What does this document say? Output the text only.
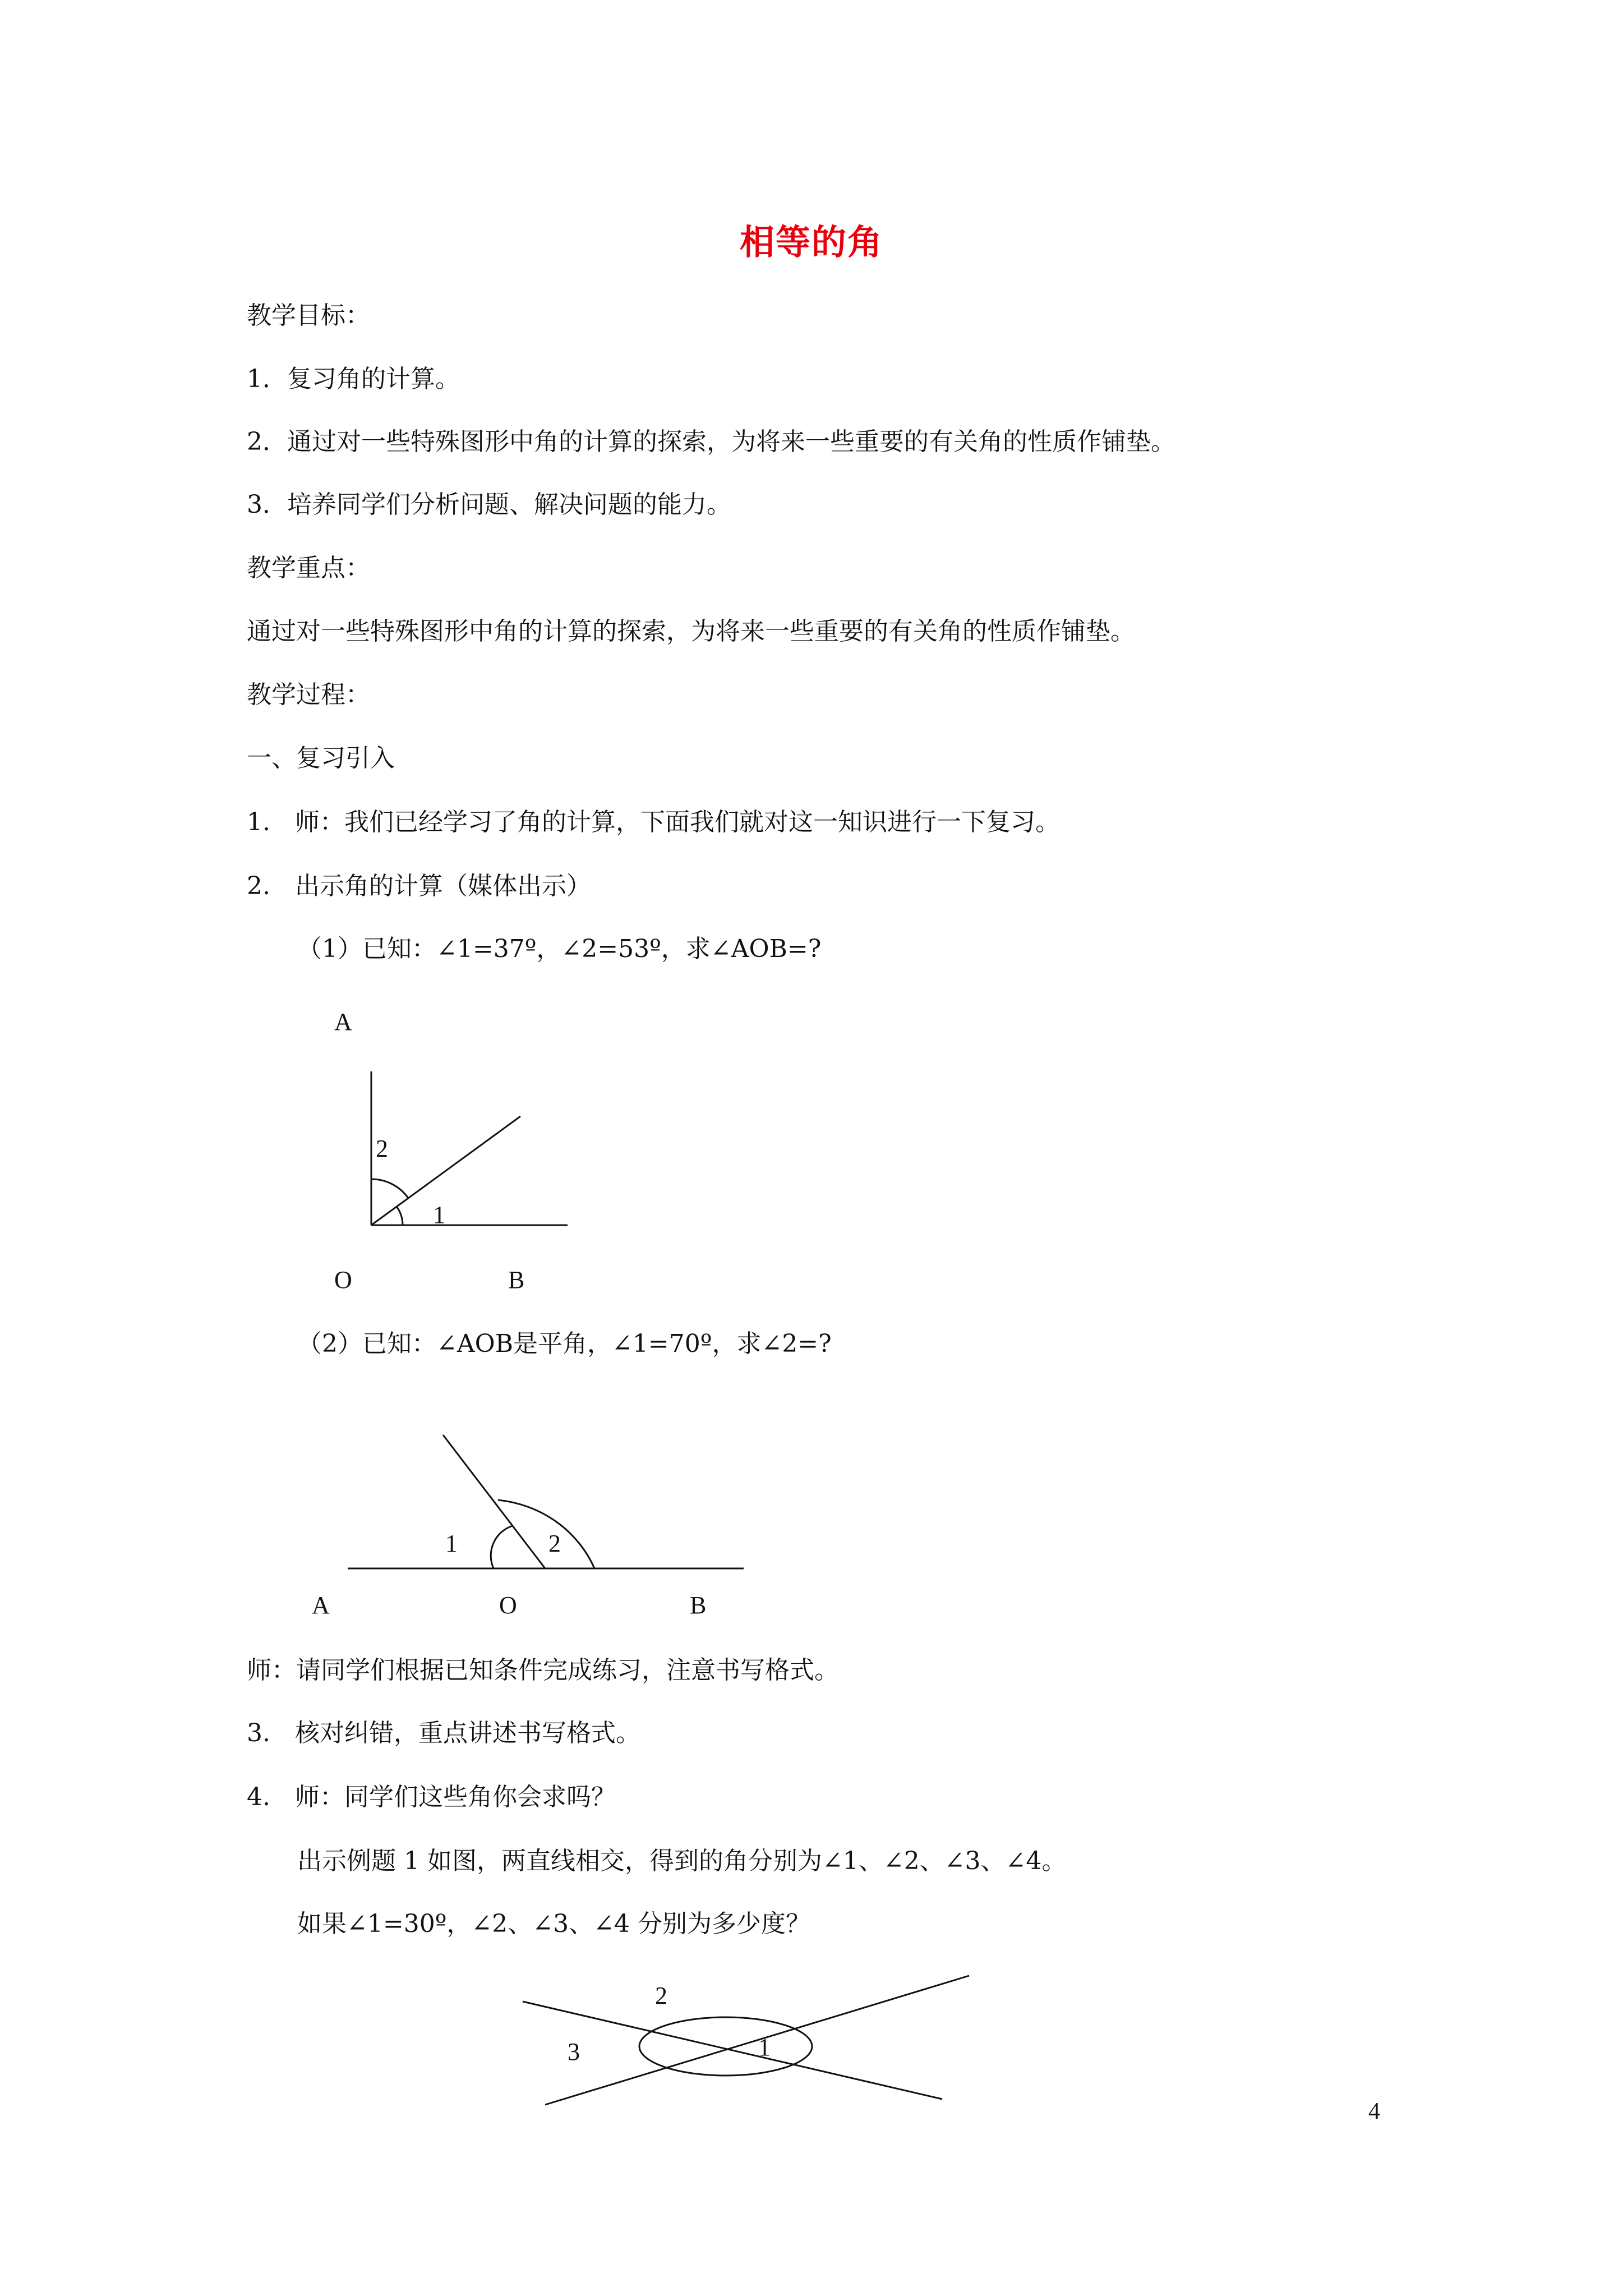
相等的角

教学目标：

1．复习角的计算。

2．通过对一些特殊图形中角的计算的探索，为将来一些重要的有关角的性质作铺垫。

3．培养同学们分析问题、解决问题的能力。

教学重点：

通过对一些特殊图形中角的计算的探索，为将来一些重要的有关角的性质作铺垫。

教学过程：

一、复习引入

1.　师：我们已经学习了角的计算，下面我们就对这一知识进行一下复习。

2.　出示角的计算（媒体出示）

（1）已知：∠1=37º，∠2=53º，求∠AOB=?

A
2
1
O	B

（2）已知：∠AOB是平角，∠1=70º，求∠2=?

1	2
A	O	B

师：请同学们根据已知条件完成练习，注意书写格式。

3.　核对纠错，重点讲述书写格式。

4.　师：同学们这些角你会求吗？

出示例题 1 如图，两直线相交，得到的角分别为∠1、∠2、∠3、∠4。

如果∠1=30º，∠2、∠3、∠4 分别为多少度？

2
3	1
4
